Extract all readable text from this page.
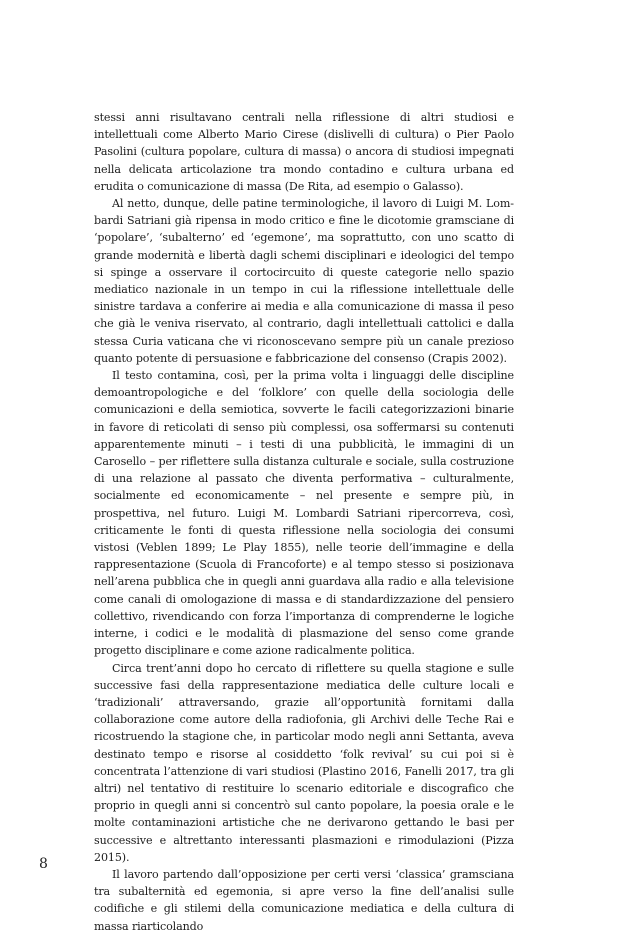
stessi anni risultavano centrali nella riflessione di altri studiosi e intellettuali come Alberto Mario Cirese (dislivelli di cultura) o Pier Paolo Pasolini (cultura popolare, cultura di massa) o ancora di studiosi impegnati nella delicata articolazione tra mondo contadino e cultura urbana ed erudita o comunicazione di massa (De Rita, ad esempio o Galasso).

Al netto, dunque, delle patine terminologiche, il lavoro di Luigi M. Lombardi Satriani già ripensa in modo critico e fine le dicotomie gramsciane di ‘popolare’, ‘subalterno’ ed ‘egemone’, ma soprattutto, con uno scatto di grande modernità e libertà dagli schemi disciplinari e ideologici del tempo si spinge a osservare il cortocircuito di queste categorie nello spazio mediatico nazionale in un tempo in cui la riflessione intellettuale delle sinistre tardava a conferire ai media e alla comunicazione di massa il peso che già le veniva riservato, al contrario, dagli intellettuali cattolici e dalla stessa Curia vaticana che vi riconoscevano sempre più un canale prezioso quanto potente di persuasione e fabbricazione del consenso (Crapis 2002).

Il testo contamina, così, per la prima volta i linguaggi delle discipline demoantropologiche e del ‘folklore’ con quelle della sociologia delle comunicazioni e della semiotica, sovverte le facili categorizzazioni binarie in favore di reticolati di senso più complessi, osa soffermarsi su contenuti apparentemente minuti – i testi di una pubblicità, le immagini di un Carosello – per riflettere sulla distanza culturale e sociale, sulla costruzione di una relazione al passato che diventa performativa – culturalmente, socialmente ed economicamente – nel presente e sempre più, in prospettiva, nel futuro. Luigi M. Lombardi Satriani ripercorreva, così, criticamente le fonti di questa riflessione nella sociologia dei consumi vistosi (Veblen 1899; Le Play 1855), nelle teorie dell’immagine e della rappresentazione (Scuola di Francoforte) e al tempo stesso si posizionava nell’arena pubblica che in quegli anni guardava alla radio e alla televisione come canali di omologazione di massa e di standardizzazione del pensiero collettivo, rivendicando con forza l’importanza di comprenderne le logiche interne, i codici e le modalità di plasmazione del senso come grande progetto disciplinare e come azione radicalmente politica.

Circa trent’anni dopo ho cercato di riflettere su quella stagione e sulle successive fasi della rappresentazione mediatica delle culture locali e ‘tradizionali’ attraversando, grazie all’opportunità fornitami dalla collaborazione come autore della radiofonia, gli Archivi delle Teche Rai e ricostruendo la stagione che, in particolar modo negli anni Settanta, aveva destinato tempo e risorse al cosiddetto ‘folk revival’ su cui poi si è concentrata l’attenzione di vari studiosi (Plastino 2016, Fanelli 2017, tra gli altri) nel tentativo di restituire lo scenario editoriale e discografico che proprio in quegli anni si concentrò sul canto popolare, la poesia orale e le molte contaminazioni artistiche che ne derivarono gettando le basi per successive e altrettanto interessanti plasmazioni e rimodulazioni (Pizza 2015).

Il lavoro partendo dall’opposizione per certi versi ‘classica’ gramsciana tra subalternità ed egemonia, si apre verso la fine dell’analisi sulle codifiche e gli stilemi della comunicazione mediatica e della cultura di massa riarticolando

8
